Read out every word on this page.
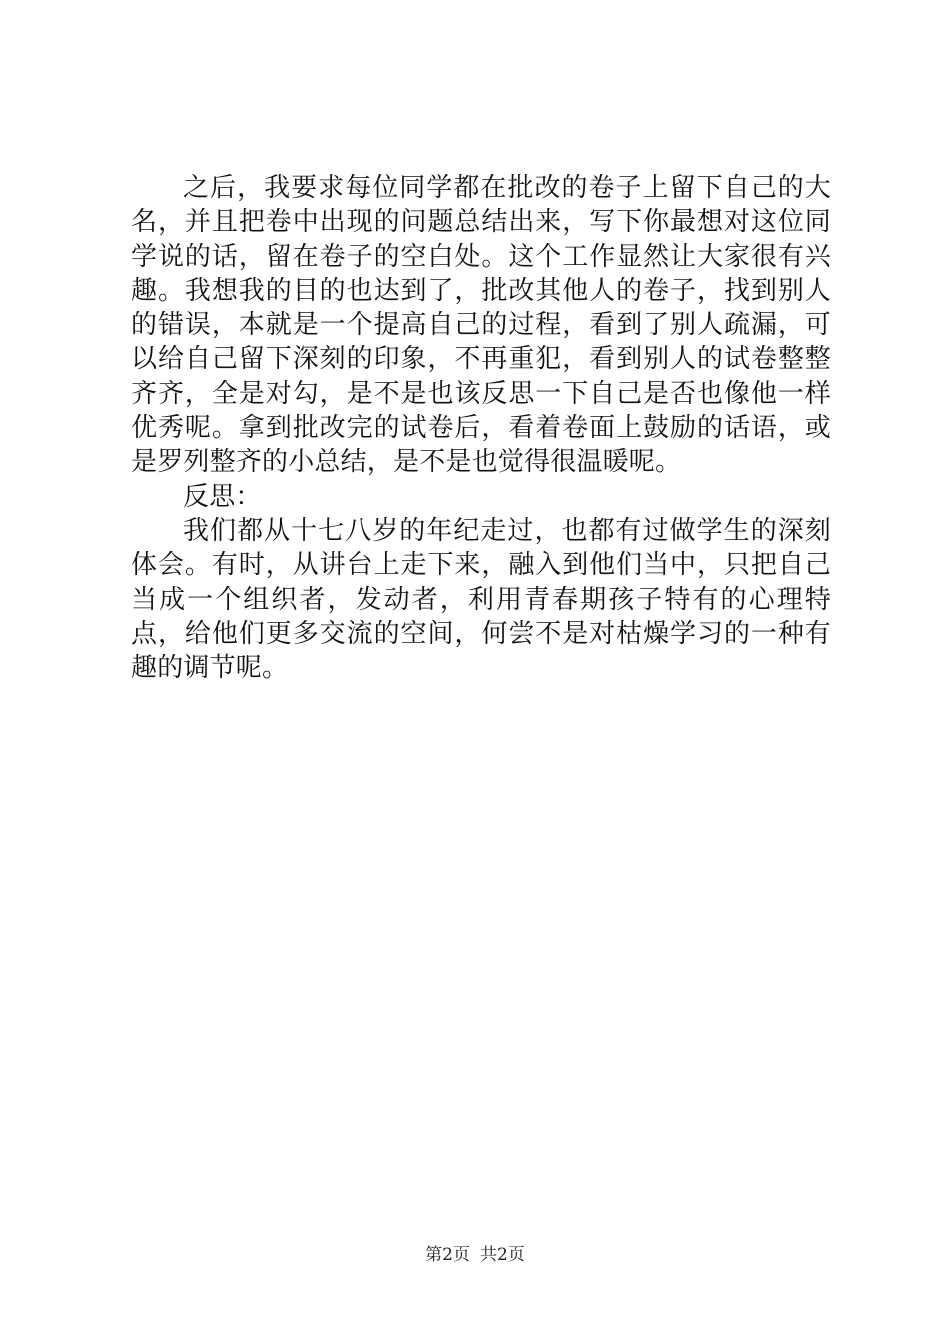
之后，我要求每位同学都在批改的卷子上留下自己的大名，并且把卷中出现的问题总结出来，写下你最想对这位同学说的话，留在卷子的空白处。这个工作显然让大家很有兴趣。我想我的目的也达到了，批改其他人的卷子，找到别人的错误，本就是一个提高自己的过程，看到了别人疏漏，可以给自己留下深刻的印象，不再重犯，看到别人的试卷整整齐齐，全是对勾，是不是也该反思一下自己是否也像他一样优秀呢。拿到批改完的试卷后，看着卷面上鼓励的话语，或是罗列整齐的小总结，是不是也觉得很温暖呢。

反思：

我们都从十七八岁的年纪走过，也都有过做学生的深刻体会。有时，从讲台上走下来，融入到他们当中，只把自己当成一个组织者，发动者，利用青春期孩子特有的心理特点，给他们更多交流的空间，何尝不是对枯燥学习的一种有趣的调节呢。

第2页 共2页
